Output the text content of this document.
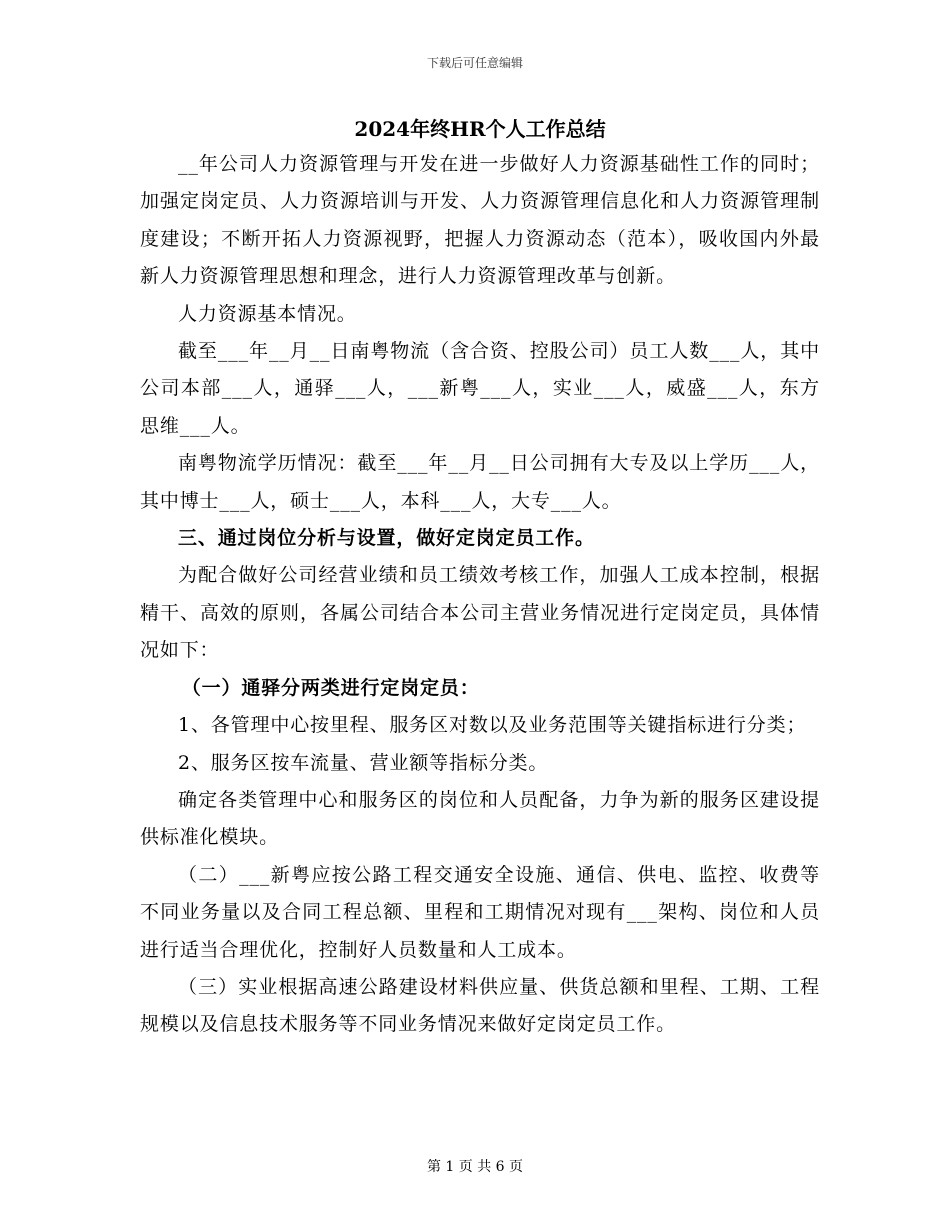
下载后可任意编辑

2024年终HR个人工作总结

__年公司人力资源管理与开发在进一步做好人力资源基础性工作的同时；加强定岗定员、人力资源培训与开发、人力资源管理信息化和人力资源管理制度建设；不断开拓人力资源视野，把握人力资源动态（范本），吸收国内外最新人力资源管理思想和理念，进行人力资源管理改革与创新。

人力资源基本情况。

截至___年__月__日南粤物流（含合资、控股公司）员工人数___人，其中公司本部___人，通驿___人，___新粤___人，实业___人，威盛___人，东方思维___人。

南粤物流学历情况：截至___年__月__日公司拥有大专及以上学历___人，其中博士___人，硕士___人，本科___人，大专___人。

三、通过岗位分析与设置，做好定岗定员工作。

为配合做好公司经营业绩和员工绩效考核工作，加强人工成本控制，根据精干、高效的原则，各属公司结合本公司主营业务情况进行定岗定员，具体情况如下：

（一）通驿分两类进行定岗定员：

1、各管理中心按里程、服务区对数以及业务范围等关键指标进行分类；

2、服务区按车流量、营业额等指标分类。

确定各类管理中心和服务区的岗位和人员配备，力争为新的服务区建设提供标准化模块。

（二）___新粤应按公路工程交通安全设施、通信、供电、监控、收费等不同业务量以及合同工程总额、里程和工期情况对现有___架构、岗位和人员进行适当合理优化，控制好人员数量和人工成本。

（三）实业根据高速公路建设材料供应量、供货总额和里程、工期、工程规模以及信息技术服务等不同业务情况来做好定岗定员工作。

第 1 页 共 6 页
